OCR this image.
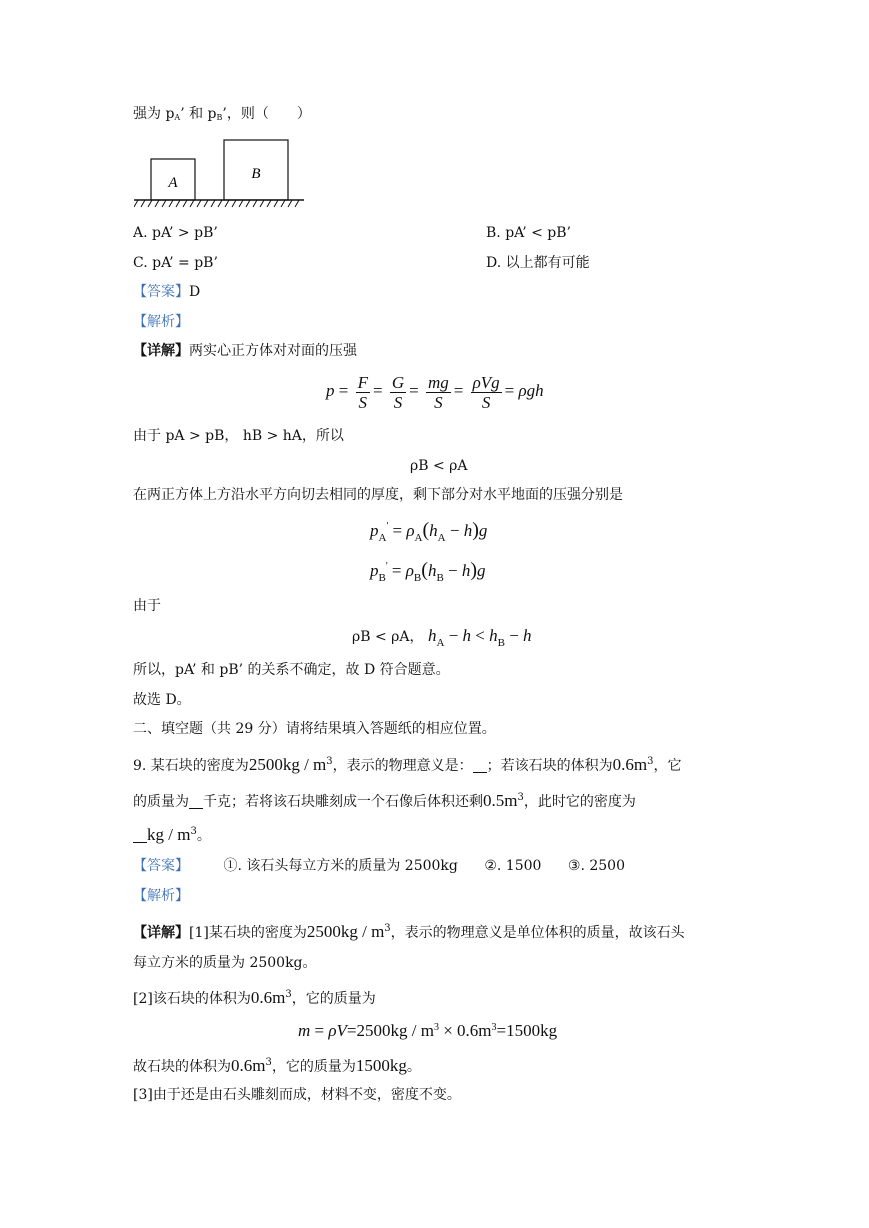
强为 pA’ 和 pB’，则（　　）
A
B
A. pA’ > pB’	B. pA’ < pB’
C. pA’ = pB’	D. 以上都有可能
【答案】D
【解析】
【详解】两实心正方体对对面的压强
$p = \frac{F}{S} = \frac{G}{S} = \frac{mg}{S} = \frac{\text{ρVg}}{S} = \rho gh$
由于 pA > pB， hB > hA，所以
ρB < ρA
在两正方体上方沿水平方向切去相同的厚度，剩下部分对水平地面的压强分别是
$p_A' = \rho_A(h_A - h)g$
$p_B' = \rho_B(h_B - h)g$
由于
ρB < ρA， $h_A - h < h_B - h$
所以，pA’ 和 pB’ 的关系不确定，故 D 符合题意。
故选 D。
二、填空题（共 29 分）请将结果填入答题纸的相应位置。
9. 某石块的密度为$2500kg / m^3$，表示的物理意义是： ；若该石块的体积为$0.6m^3$，它
的质量为 千克；若将该石块雕刻成一个石像后体积还剩$0.5m^3$，此时它的密度为
kg / $m^3$。
【答案】 ①. 该石头每立方米的质量为 2500kg ②. 1500 ③. 2500
【解析】
【详解】[1]某石块的密度为$2500kg / m^3$，表示的物理意义是单位体积的质量，故该石头
每立方米的质量为 2500kg。
[2]该石块的体积为$0.6m^3$，它的质量为
$m = \rho V=2500kg / m^3 \times 0.6m^3=1500kg$
故石块的体积为$0.6m^3$，它的质量为1500kg。
[3]由于还是由石头雕刻而成，材料不变，密度不变。
